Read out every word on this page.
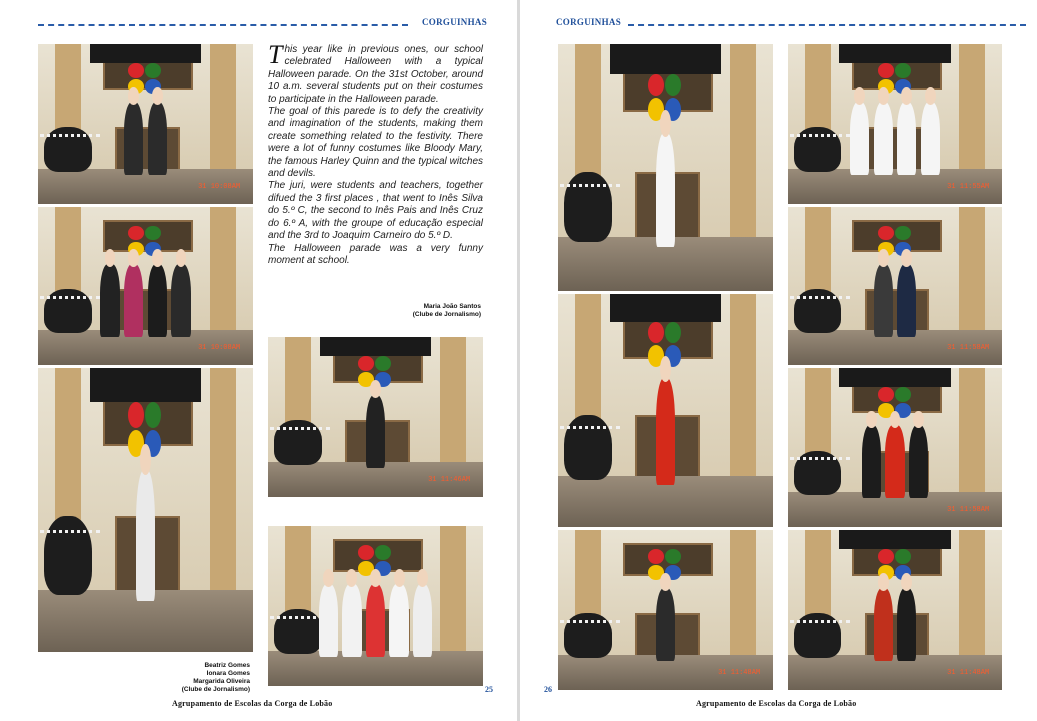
CORGUINHAS
31 10:08AM
31 10:08AM
T his year like in previous ones, our school celebrated Halloween with a typical Halloween parade. On the 31st October, around 10 a.m. several students put on their costumes to participate in the Halloween parade.

The goal of this parede is to defy the creativity and imagination of the students, making them create something related to the festivity. There were a lot of funny costumes like Bloody Mary, the famous Harley Quinn and the typical witches and devils.

The juri, were students and teachers, together difued the 3 first places , that went to Inês Silva do 5.º C, the second to Inês Pais and Inês Cruz do 6.º A, with the groupe of educação especial and the 3rd to Joaquim Carneiro do 5.º D.

The Halloween parade was a very funny moment at school.

Maria João Santos
(Clube de Jornalismo)
31 11:46AM
Beatriz Gomes
Ionara Gomes
Margarida Oliveira
(Clube de Jornalismo)	25
Agrupamento de Escolas da Corga de Lobão
CORGUINHAS
31 11:55AM
31 11:58AM
31 11:58AM
31 11:48AM	31 11:48AM
26
Agrupamento de Escolas da Corga de Lobão
